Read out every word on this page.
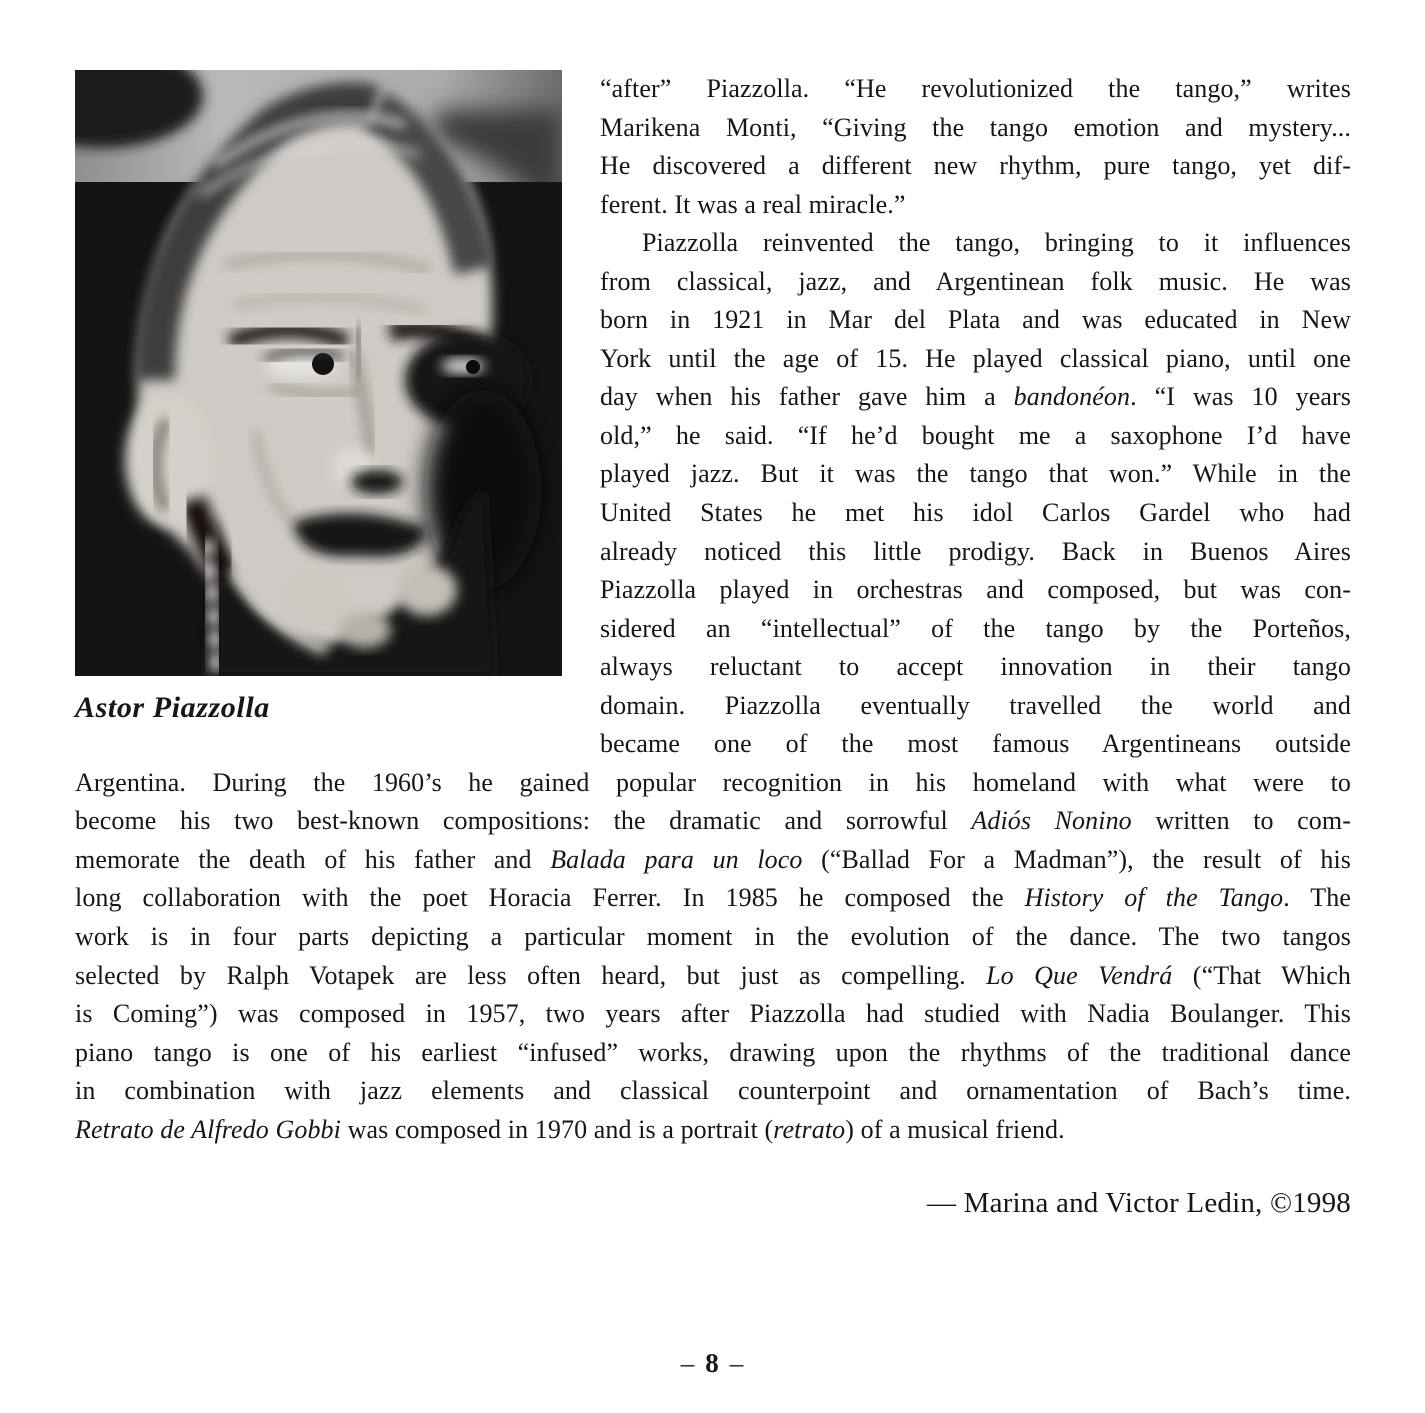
Astor Piazzolla
“after” Piazzolla. “He revolutionized the tango,” writes
Marikena Monti, “Giving the tango emotion and mystery...
He discovered a different new rhythm, pure tango, yet dif-
ferent. It was a real miracle.”
Piazzolla reinvented the tango, bringing to it influences
from classical, jazz, and Argentinean folk music. He was
born in 1921 in Mar del Plata and was educated in New
York until the age of 15. He played classical piano, until one
day when his father gave him a bandonéon. “I was 10 years
old,” he said. “If he’d bought me a saxophone I’d have
played jazz. But it was the tango that won.” While in the
United States he met his idol Carlos Gardel who had
already noticed this little prodigy. Back in Buenos Aires
Piazzolla played in orchestras and composed, but was con-
sidered an “intellectual” of the tango by the Porteños,
always reluctant to accept innovation in their tango
domain. Piazzolla eventually travelled the world and
became one of the most famous Argentineans outside
Argentina. During the 1960’s he gained popular recognition in his homeland with what were to
become his two best-known compositions: the dramatic and sorrowful Adiós Nonino written to com-
memorate the death of his father and Balada para un loco (“Ballad For a Madman”), the result of his
long collaboration with the poet Horacia Ferrer. In 1985 he composed the History of the Tango. The
work is in four parts depicting a particular moment in the evolution of the dance. The two tangos
selected by Ralph Votapek are less often heard, but just as compelling. Lo Que Vendrá (“That Which
is Coming”) was composed in 1957, two years after Piazzolla had studied with Nadia Boulanger. This
piano tango is one of his earliest “infused” works, drawing upon the rhythms of the traditional dance
in combination with jazz elements and classical counterpoint and ornamentation of Bach’s time.
Retrato de Alfredo Gobbi was composed in 1970 and is a portrait (retrato) of a musical friend.
— Marina and Victor Ledin, ©1998
– 8 –
